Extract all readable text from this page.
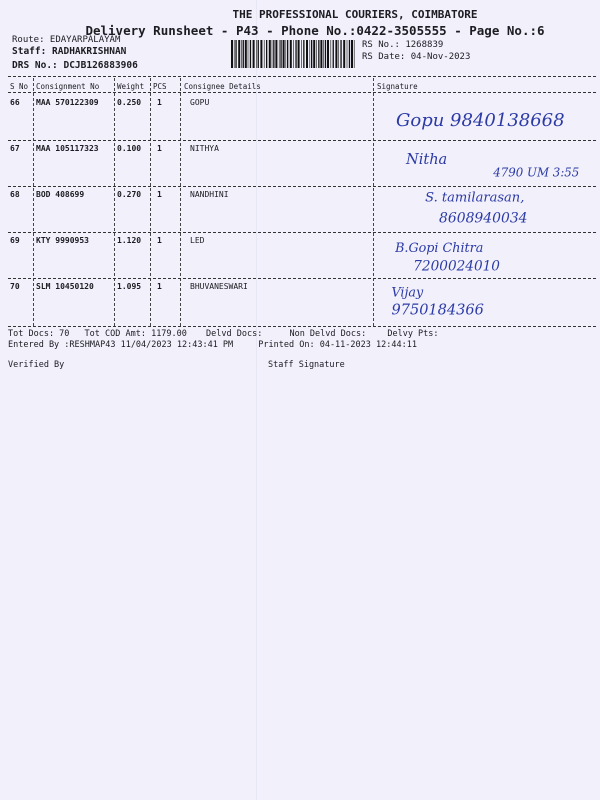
THE PROFESSIONAL COURIERS, COIMBATORE
Delivery Runsheet - P43 - Phone No.:0422-3505555 - Page No.:6
Route: EDAYARPALAYAM
Staff: RADHAKRISHNAN
DRS No.: DCJB126883906
RS No.: 1268839
RS Date: 04-Nov-2023
S No Consignment No Weight PCS Consignee Details	Signature
66 MAA 570122309 0.250 1	GOPU
Gopu 9840138668
67 MAA 105117323 0.100 1	NITHYA
Nitha
4790 UM 3:55
68 BOD 408699	0.270 1	NANDHINI	S. tamilarasan,
8608940034
69 KTY 9990953	1.120 1	LED	B.Gopi Chitra
7200024010
70 SLM 10450120	1.095 1	BHUVANESWARI	Vijay
9750184366
Tot Docs: 70 Tot COD Amt: 1179.00 Delvd Docs:	Non Delvd Docs: Delvy Pts:
Entered By :RESHMAP43 11/04/2023 12:43:41 PM	Printed On: 04-11-2023 12:44:11
Verified By	Staff Signature
